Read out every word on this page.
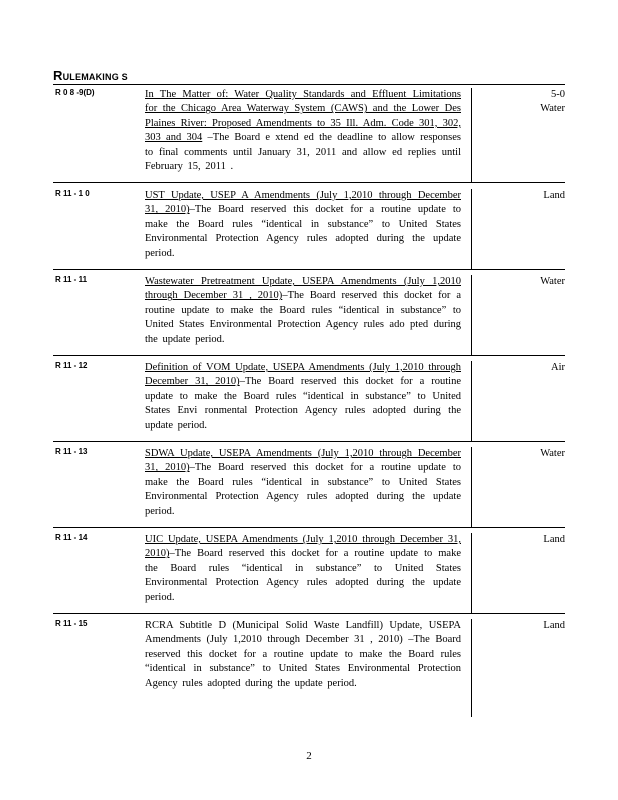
RULEMAKING S
R 0 8 -9(D)	In The Matter of: Water Quality Standards and Effluent Limitations for the Chicago Area Waterway System (CAWS) and the Lower Des Plaines River: Proposed Amendments to 35 Ill. Adm. Code 301, 302, 303 and 304 –The Board e xtend ed the deadline to allow responses to final comments until January 31, 2011 and allow ed replies until February 15, 2011 .
5-0
Water
R 11 - 1 0	UST Update, USEP A Amendments (July 1,2010 through December 31, 2010)–The Board reserved this docket for a routine update to make the Board rules “identical in substance” to United States Environmental Protection Agency rules adopted during the update period.
Land
R 11 - 11	Wastewater Pretreatment Update, USEPA Amendments (July 1,2010 through December 31 , 2010)–The Board reserved this docket for a routine update to make the Board rules “identical in substance” to United States Environmental Protection Agency rules ado pted during the update period.
Water
R 11 - 12	Definition of VOM Update, USEPA Amendments (July 1,2010 through December 31, 2010)–The Board reserved this docket for a routine update to make the Board rules “identical in substance” to United States Envi ronmental Protection Agency rules adopted during the update period.
Air
R 11 - 13	SDWA Update, USEPA Amendments (July 1,2010 through December 31, 2010)–The Board reserved this docket for a routine update to make the Board rules “identical in substance” to United States Environmental Protection Agency rules adopted during the update period.
Water
R 11 - 14	UIC Update, USEPA Amendments (July 1,2010 through December 31, 2010)–The Board reserved this docket for a routine update to make the Board rules “identical in substance” to United States Environmental Protection Agency rules adopted during the update period.
Land
R 11 - 15	RCRA Subtitle D (Municipal Solid Waste Landfill) Update, USEPA Amendments (July 1,2010 through December 31 , 2010) –The Board reserved this docket for a routine update to make the Board rules “identical in substance” to United States Environmental Protection Agency rules adopted during the update period.
Land
2
